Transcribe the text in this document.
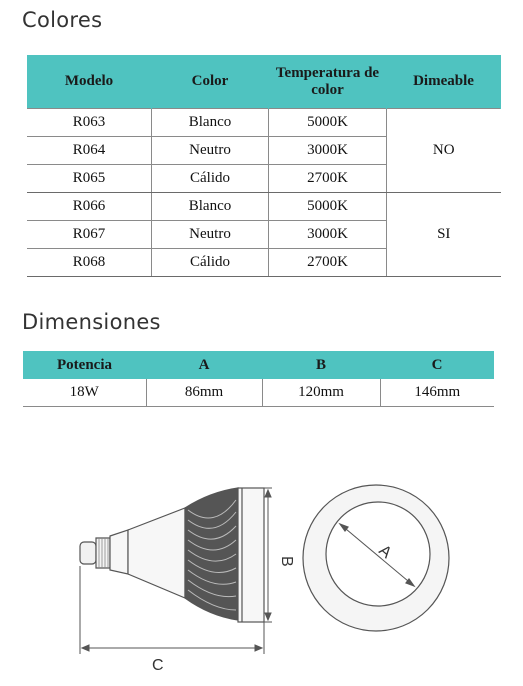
Colores
Modelo	Color	Temperatura de color	Dimeable
R063	Blanco	5000K	NO
R064	Neutro	3000K	
R065	Cálido	2700K	
R066	Blanco	5000K	SI
R067	Neutro	3000K	
R068	Cálido	2700K	
Dimensiones
Potencia	A	B	C
18W	86mm	120mm	146mm
B
C
A
